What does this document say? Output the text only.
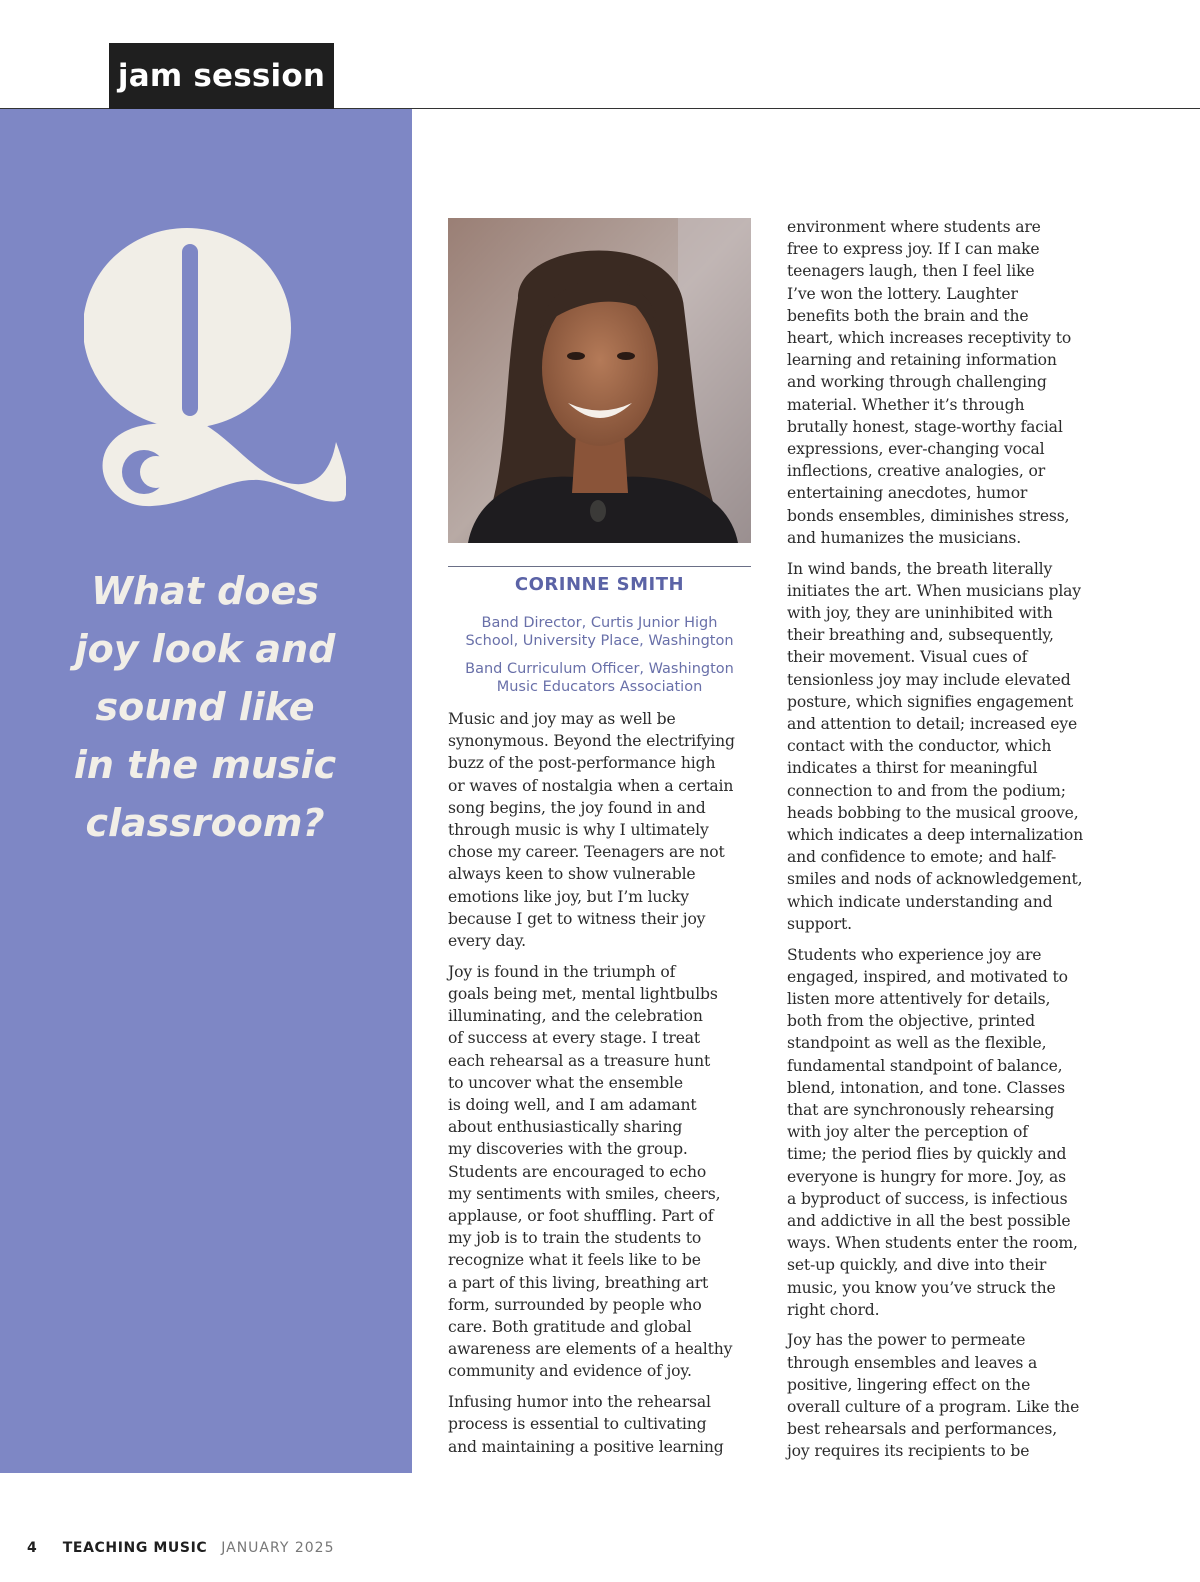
jam session
What does
joy look and
sound like
in the music
classroom?
CORINNE SMITH
Band Director, Curtis Junior High
School, University Place, Washington
Band Curriculum Officer, Washington
Music Educators Association

Music and joy may as well be
synonymous. Beyond the electrifying
buzz of the post-performance high
or waves of nostalgia when a certain
song begins, the joy found in and
through music is why I ultimately
chose my career. Teenagers are not
always keen to show vulnerable
emotions like joy, but I’m lucky
because I get to witness their joy
every day.

Joy is found in the triumph of
goals being met, mental lightbulbs
illuminating, and the celebration
of success at every stage. I treat
each rehearsal as a treasure hunt
to uncover what the ensemble
is doing well, and I am adamant
about enthusiastically sharing
my discoveries with the group.
Students are encouraged to echo
my sentiments with smiles, cheers,
applause, or foot shuffling. Part of
my job is to train the students to
recognize what it feels like to be
a part of this living, breathing art
form, surrounded by people who
care. Both gratitude and global
awareness are elements of a healthy
community and evidence of joy.

Infusing humor into the rehearsal
process is essential to cultivating
and maintaining a positive learning

environment where students are
free to express joy. If I can make
teenagers laugh, then I feel like
I’ve won the lottery. Laughter
benefits both the brain and the
heart, which increases receptivity to
learning and retaining information
and working through challenging
material. Whether it’s through
brutally honest, stage-worthy facial
expressions, ever-changing vocal
inflections, creative analogies, or
entertaining anecdotes, humor
bonds ensembles, diminishes stress,
and humanizes the musicians.

In wind bands, the breath literally
initiates the art. When musicians play
with joy, they are uninhibited with
their breathing and, subsequently,
their movement. Visual cues of
tensionless joy may include elevated
posture, which signifies engagement
and attention to detail; increased eye
contact with the conductor, which
indicates a thirst for meaningful
connection to and from the podium;
heads bobbing to the musical groove,
which indicates a deep internalization
and confidence to emote; and half-
smiles and nods of acknowledgement,
which indicate understanding and
support.

Students who experience joy are
engaged, inspired, and motivated to
listen more attentively for details,
both from the objective, printed
standpoint as well as the flexible,
fundamental standpoint of balance,
blend, intonation, and tone. Classes
that are synchronously rehearsing
with joy alter the perception of
time; the period flies by quickly and
everyone is hungry for more. Joy, as
a byproduct of success, is infectious
and addictive in all the best possible
ways. When students enter the room,
set-up quickly, and dive into their
music, you know you’ve struck the
right chord.

Joy has the power to permeate
through ensembles and leaves a
positive, lingering effect on the
overall culture of a program. Like the
best rehearsals and performances,
joy requires its recipients to be

4 TEACHING MUSIC JANUARY 2025
